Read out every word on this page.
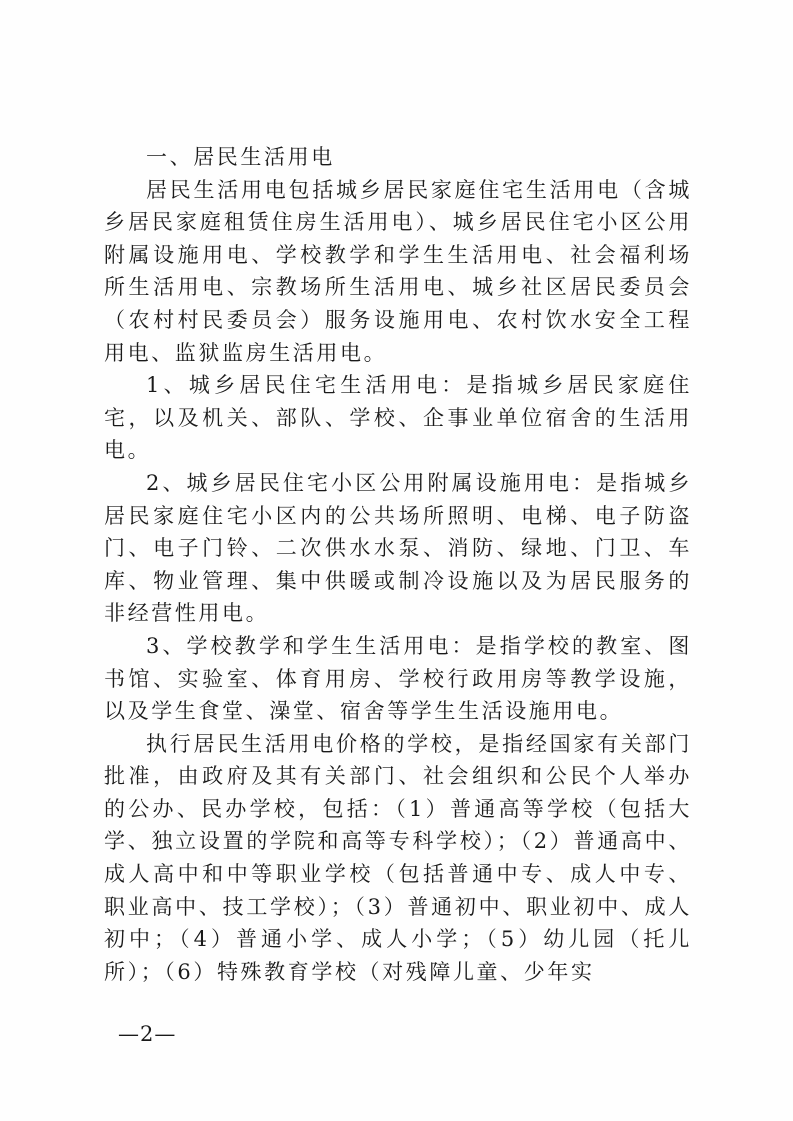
一、居民生活用电

居民生活用电包括城乡居民家庭住宅生活用电（含城乡居民家庭租赁住房生活用电）、城乡居民住宅小区公用附属设施用电、学校教学和学生生活用电、社会福利场所生活用电、宗教场所生活用电、城乡社区居民委员会（农村村民委员会）服务设施用电、农村饮水安全工程用电、监狱监房生活用电。

1、城乡居民住宅生活用电：是指城乡居民家庭住宅，以及机关、部队、学校、企事业单位宿舍的生活用电。

2、城乡居民住宅小区公用附属设施用电：是指城乡居民家庭住宅小区内的公共场所照明、电梯、电子防盗门、电子门铃、二次供水水泵、消防、绿地、门卫、车库、物业管理、集中供暖或制冷设施以及为居民服务的非经营性用电。

3、学校教学和学生生活用电：是指学校的教室、图书馆、实验室、体育用房、学校行政用房等教学设施，以及学生食堂、澡堂、宿舍等学生生活设施用电。

执行居民生活用电价格的学校，是指经国家有关部门批准，由政府及其有关部门、社会组织和公民个人举办的公办、民办学校，包括：（1）普通高等学校（包括大学、独立设置的学院和高等专科学校）；（2）普通高中、成人高中和中等职业学校（包括普通中专、成人中专、职业高中、技工学校）；（3）普通初中、职业初中、成人初中；（4）普通小学、成人小学；（5）幼儿园（托儿所）；（6）特殊教育学校（对残障儿童、少年实

—2—
